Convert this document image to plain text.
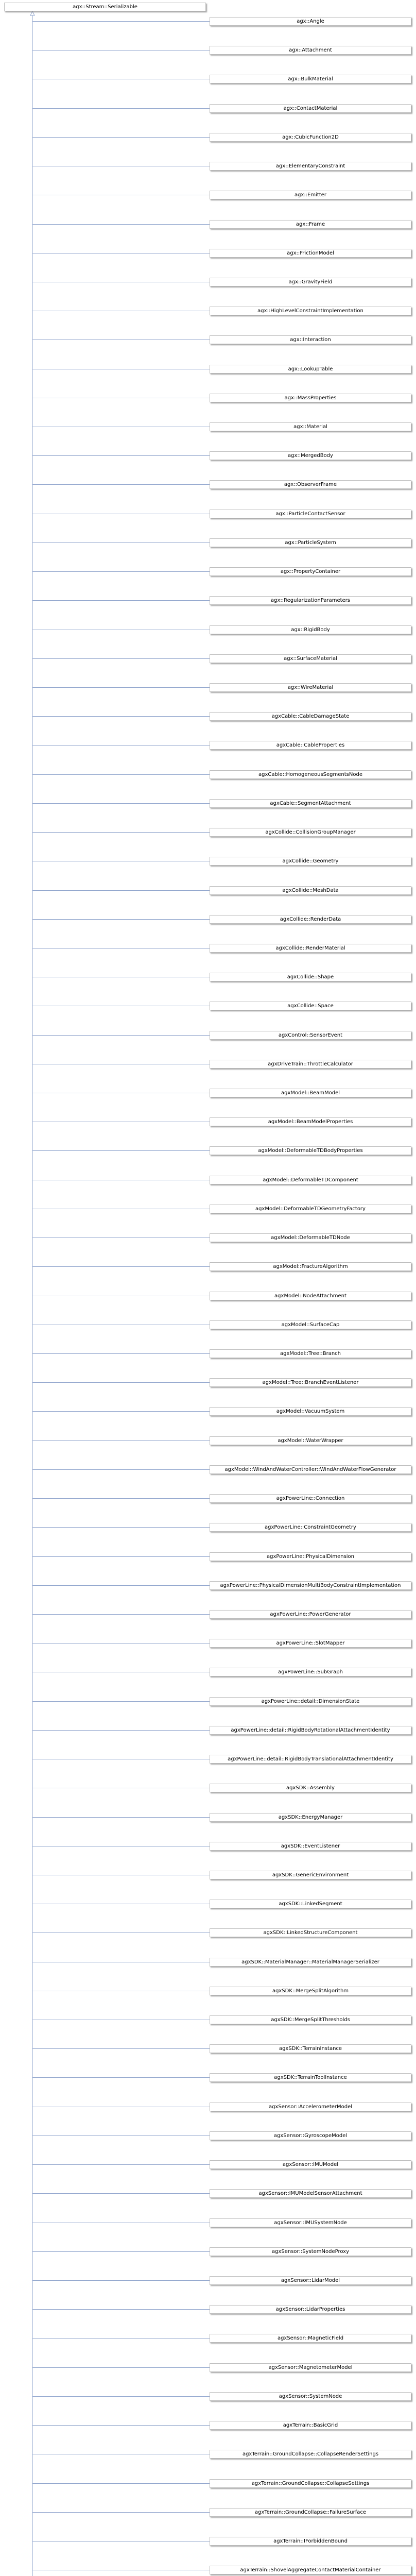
agx::Stream::Serializable
agx::Angle
agx::Attachment
agx::BulkMaterial
agx::ContactMaterial
agx::CubicFunction2D
agx::ElementaryConstraint
agx::Emitter
agx::Frame
agx::FrictionModel
agx::GravityField
agx::HighLevelConstraintImplementation
agx::Interaction
agx::LookupTable
agx::MassProperties
agx::Material
agx::MergedBody
agx::ObserverFrame
agx::ParticleContactSensor
agx::ParticleSystem
agx::PropertyContainer
agx::RegularizationParameters
agx::RigidBody
agx::SurfaceMaterial
agx::WireMaterial
agxCable::CableDamageState
agxCable::CableProperties
agxCable::HomogeneousSegmentsNode
agxCable::SegmentAttachment
agxCollide::CollisionGroupManager
agxCollide::Geometry
agxCollide::MeshData
agxCollide::RenderData
agxCollide::RenderMaterial
agxCollide::Shape
agxCollide::Space
agxControl::SensorEvent
agxDriveTrain::ThrottleCalculator
agxModel::BeamModel
agxModel::BeamModelProperties
agxModel::DeformableTDBodyProperties
agxModel::DeformableTDComponent
agxModel::DeformableTDGeometryFactory
agxModel::DeformableTDNode
agxModel::FractureAlgorithm
agxModel::NodeAttachment
agxModel::SurfaceCap
agxModel::Tree::Branch
agxModel::Tree::BranchEventListener
agxModel::VacuumSystem
agxModel::WaterWrapper
agxModel::WindAndWaterController::WindAndWaterFlowGenerator
agxPowerLine::Connection
agxPowerLine::ConstraintGeometry
agxPowerLine::PhysicalDimension
agxPowerLine::PhysicalDimensionMultiBodyConstraintImplementation
agxPowerLine::PowerGenerator
agxPowerLine::SlotMapper
agxPowerLine::SubGraph
agxPowerLine::detail::DimensionState
agxPowerLine::detail::RigidBodyRotationalAttachmentIdentity
agxPowerLine::detail::RigidBodyTranslationalAttachmentIdentity
agxSDK::Assembly
agxSDK::EnergyManager
agxSDK::EventListener
agxSDK::GenericEnvironment
agxSDK::LinkedSegment
agxSDK::LinkedStructureComponent
agxSDK::MaterialManager::MaterialManagerSerializer
agxSDK::MergeSplitAlgorithm
agxSDK::MergeSplitThresholds
agxSDK::TerrainInstance
agxSDK::TerrainToolInstance
agxSensor::AccelerometerModel
agxSensor::GyroscopeModel
agxSensor::IMUModel
agxSensor::IMUModelSensorAttachment
agxSensor::IMUSystemNode
agxSensor::SystemNodeProxy
agxSensor::LidarModel
agxSensor::LidarProperties
agxSensor::MagneticField
agxSensor::MagnetometerModel
agxSensor::SystemNode
agxTerrain::BasicGrid
agxTerrain::GroundCollapse::CollapseRenderSettings
agxTerrain::GroundCollapse::CollapseSettings
agxTerrain::GroundCollapse::FailureSurface
agxTerrain::IForbiddenBound
agxTerrain::ShovelAggregateContactMaterialContainer
